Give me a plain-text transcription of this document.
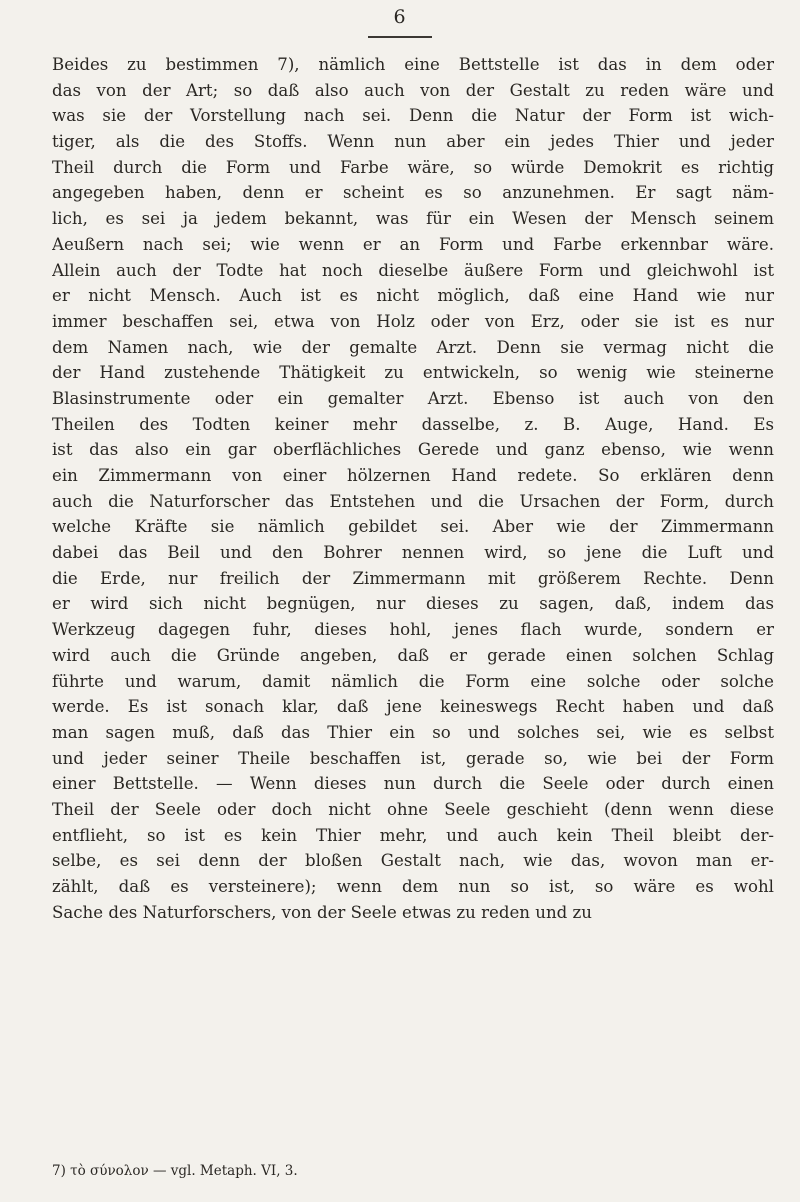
6
Beides zu bestimmen 7), nämlich eine Bettstelle ist das in dem oder
das von der Art; so daß also auch von der Gestalt zu reden wäre und
was sie der Vorstellung nach sei. Denn die Natur der Form ist wich-
tiger, als die des Stoffs. Wenn nun aber ein jedes Thier und jeder
Theil durch die Form und Farbe wäre, so würde Demokrit es richtig
angegeben haben, denn er scheint es so anzunehmen. Er sagt näm-
lich, es sei ja jedem bekannt, was für ein Wesen der Mensch seinem
Aeußern nach sei; wie wenn er an Form und Farbe erkennbar wäre.
Allein auch der Todte hat noch dieselbe äußere Form und gleichwohl ist
er nicht Mensch. Auch ist es nicht möglich, daß eine Hand wie nur
immer beschaffen sei, etwa von Holz oder von Erz, oder sie ist es nur
dem Namen nach, wie der gemalte Arzt. Denn sie vermag nicht die
der Hand zustehende Thätigkeit zu entwickeln, so wenig wie steinerne
Blasinstrumente oder ein gemalter Arzt. Ebenso ist auch von den
Theilen des Todten keiner mehr dasselbe, z. B. Auge, Hand. Es
ist das also ein gar oberflächliches Gerede und ganz ebenso, wie wenn
ein Zimmermann von einer hölzernen Hand redete. So erklären denn
auch die Naturforscher das Entstehen und die Ursachen der Form, durch
welche Kräfte sie nämlich gebildet sei. Aber wie der Zimmermann
dabei das Beil und den Bohrer nennen wird, so jene die Luft und
die Erde, nur freilich der Zimmermann mit größerem Rechte. Denn
er wird sich nicht begnügen, nur dieses zu sagen, daß, indem das
Werkzeug dagegen fuhr, dieses hohl, jenes flach wurde, sondern er
wird auch die Gründe angeben, daß er gerade einen solchen Schlag
führte und warum, damit nämlich die Form eine solche oder solche
werde. Es ist sonach klar, daß jene keineswegs Recht haben und daß
man sagen muß, daß das Thier ein so und solches sei, wie es selbst
und jeder seiner Theile beschaffen ist, gerade so, wie bei der Form
einer Bettstelle. — Wenn dieses nun durch die Seele oder durch einen
Theil der Seele oder doch nicht ohne Seele geschieht (denn wenn diese
entflieht, so ist es kein Thier mehr, und auch kein Theil bleibt der-
selbe, es sei denn der bloßen Gestalt nach, wie das, wovon man er-
zählt, daß es versteinere); wenn dem nun so ist, so wäre es wohl
Sache des Naturforschers, von der Seele etwas zu reden und zu
7) τὸ σύνολον — vgl. Metaph. VI, 3.
